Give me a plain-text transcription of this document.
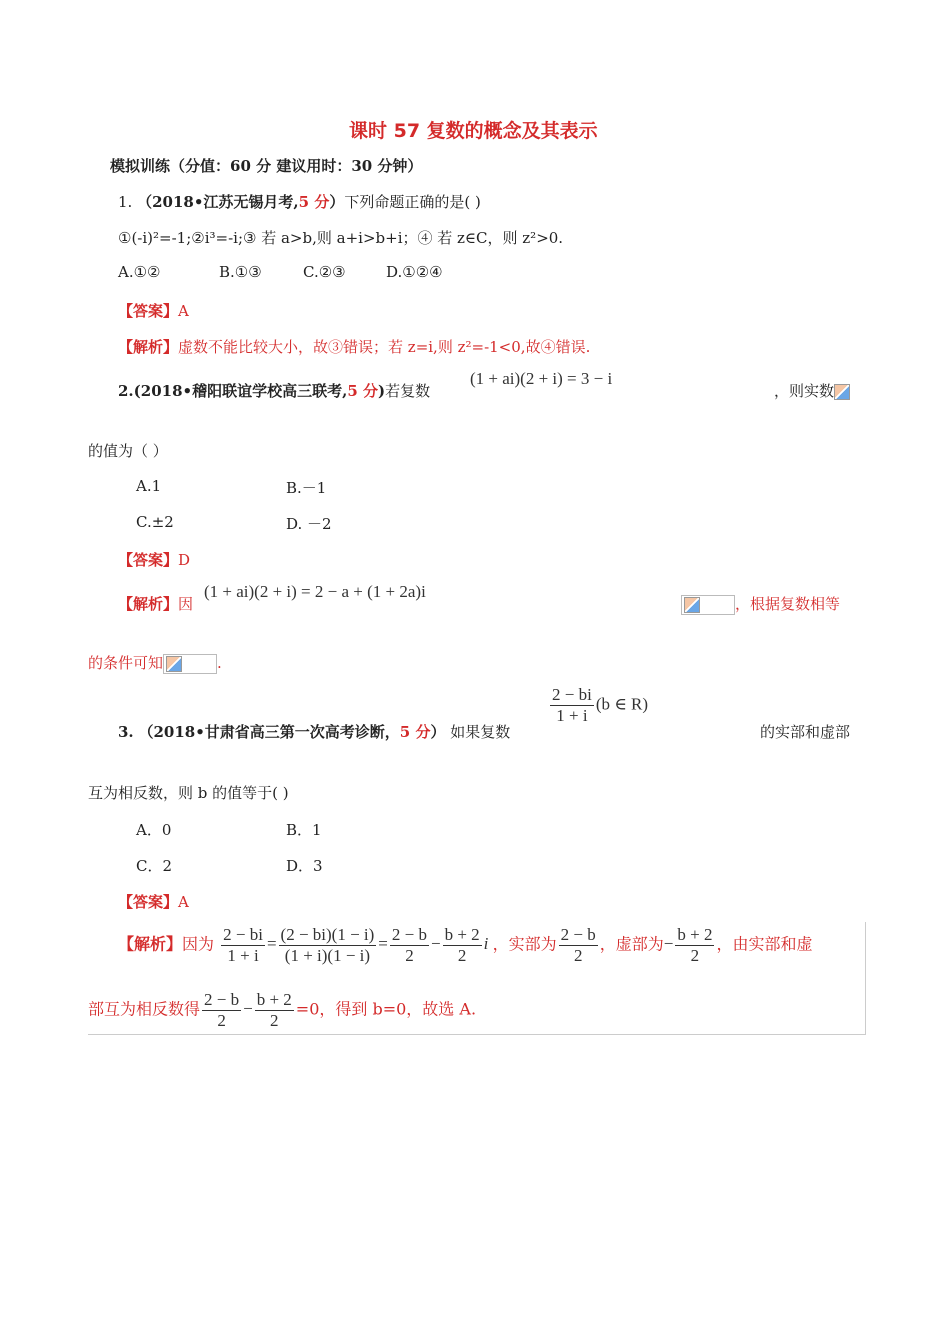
课时 57 复数的概念及其表示
模拟训练（分值：60 分 建议用时：30 分钟）
1. （2018•江苏无锡月考,5 分）下列命题正确的是( )
①(-i)²=-1;②i³=-i;③ 若 a>b,则 a+i>b+i；④ 若 z∈C，则 z²>0.
A.①②	B.①③	C.②③	D.①②④
【答案】A
【解析】虚数不能比较大小，故③错误；若 z=i,则 z²=-1<0,故④错误.
2.(2018•稽阳联谊学校高三联考,5 分)若复数
(1 + ai)(2 + i) = 3 − i
，则实数
的值为（ ）
A.1	B.－1
C.±2	D. －2
【答案】D
【解析】因
(1 + ai)(2 + i) = 2 − a + (1 + 2a)i
，根据复数相等
的条件可知	.
3. （2018•甘肃省高三第一次高考诊断，5 分） 如果复数
$\frac{2 - bi}{1 + i} (b$ ∈ R)
的实部和虚部
互为相反数，则 b 的值等于( )
A．0	B．1
C．2	D．3
【答案】A
【解析】因为 $\frac{2 - bi}{1 + i} = \frac{(2 - bi)(1 - i)}{(1 + i)(1 - i)} = \frac{2 - b}{2} - \frac{b + 2}{2}$ i ，实部为 $\frac{2 - b}{2}$ ，虚部为− $\frac{b + 2}{2}$ ，由实部和虚
部互为相反数得 $\frac{2 - b}{2} - \frac{b + 2}{2} =0$，得到 b=0，故选 A.
